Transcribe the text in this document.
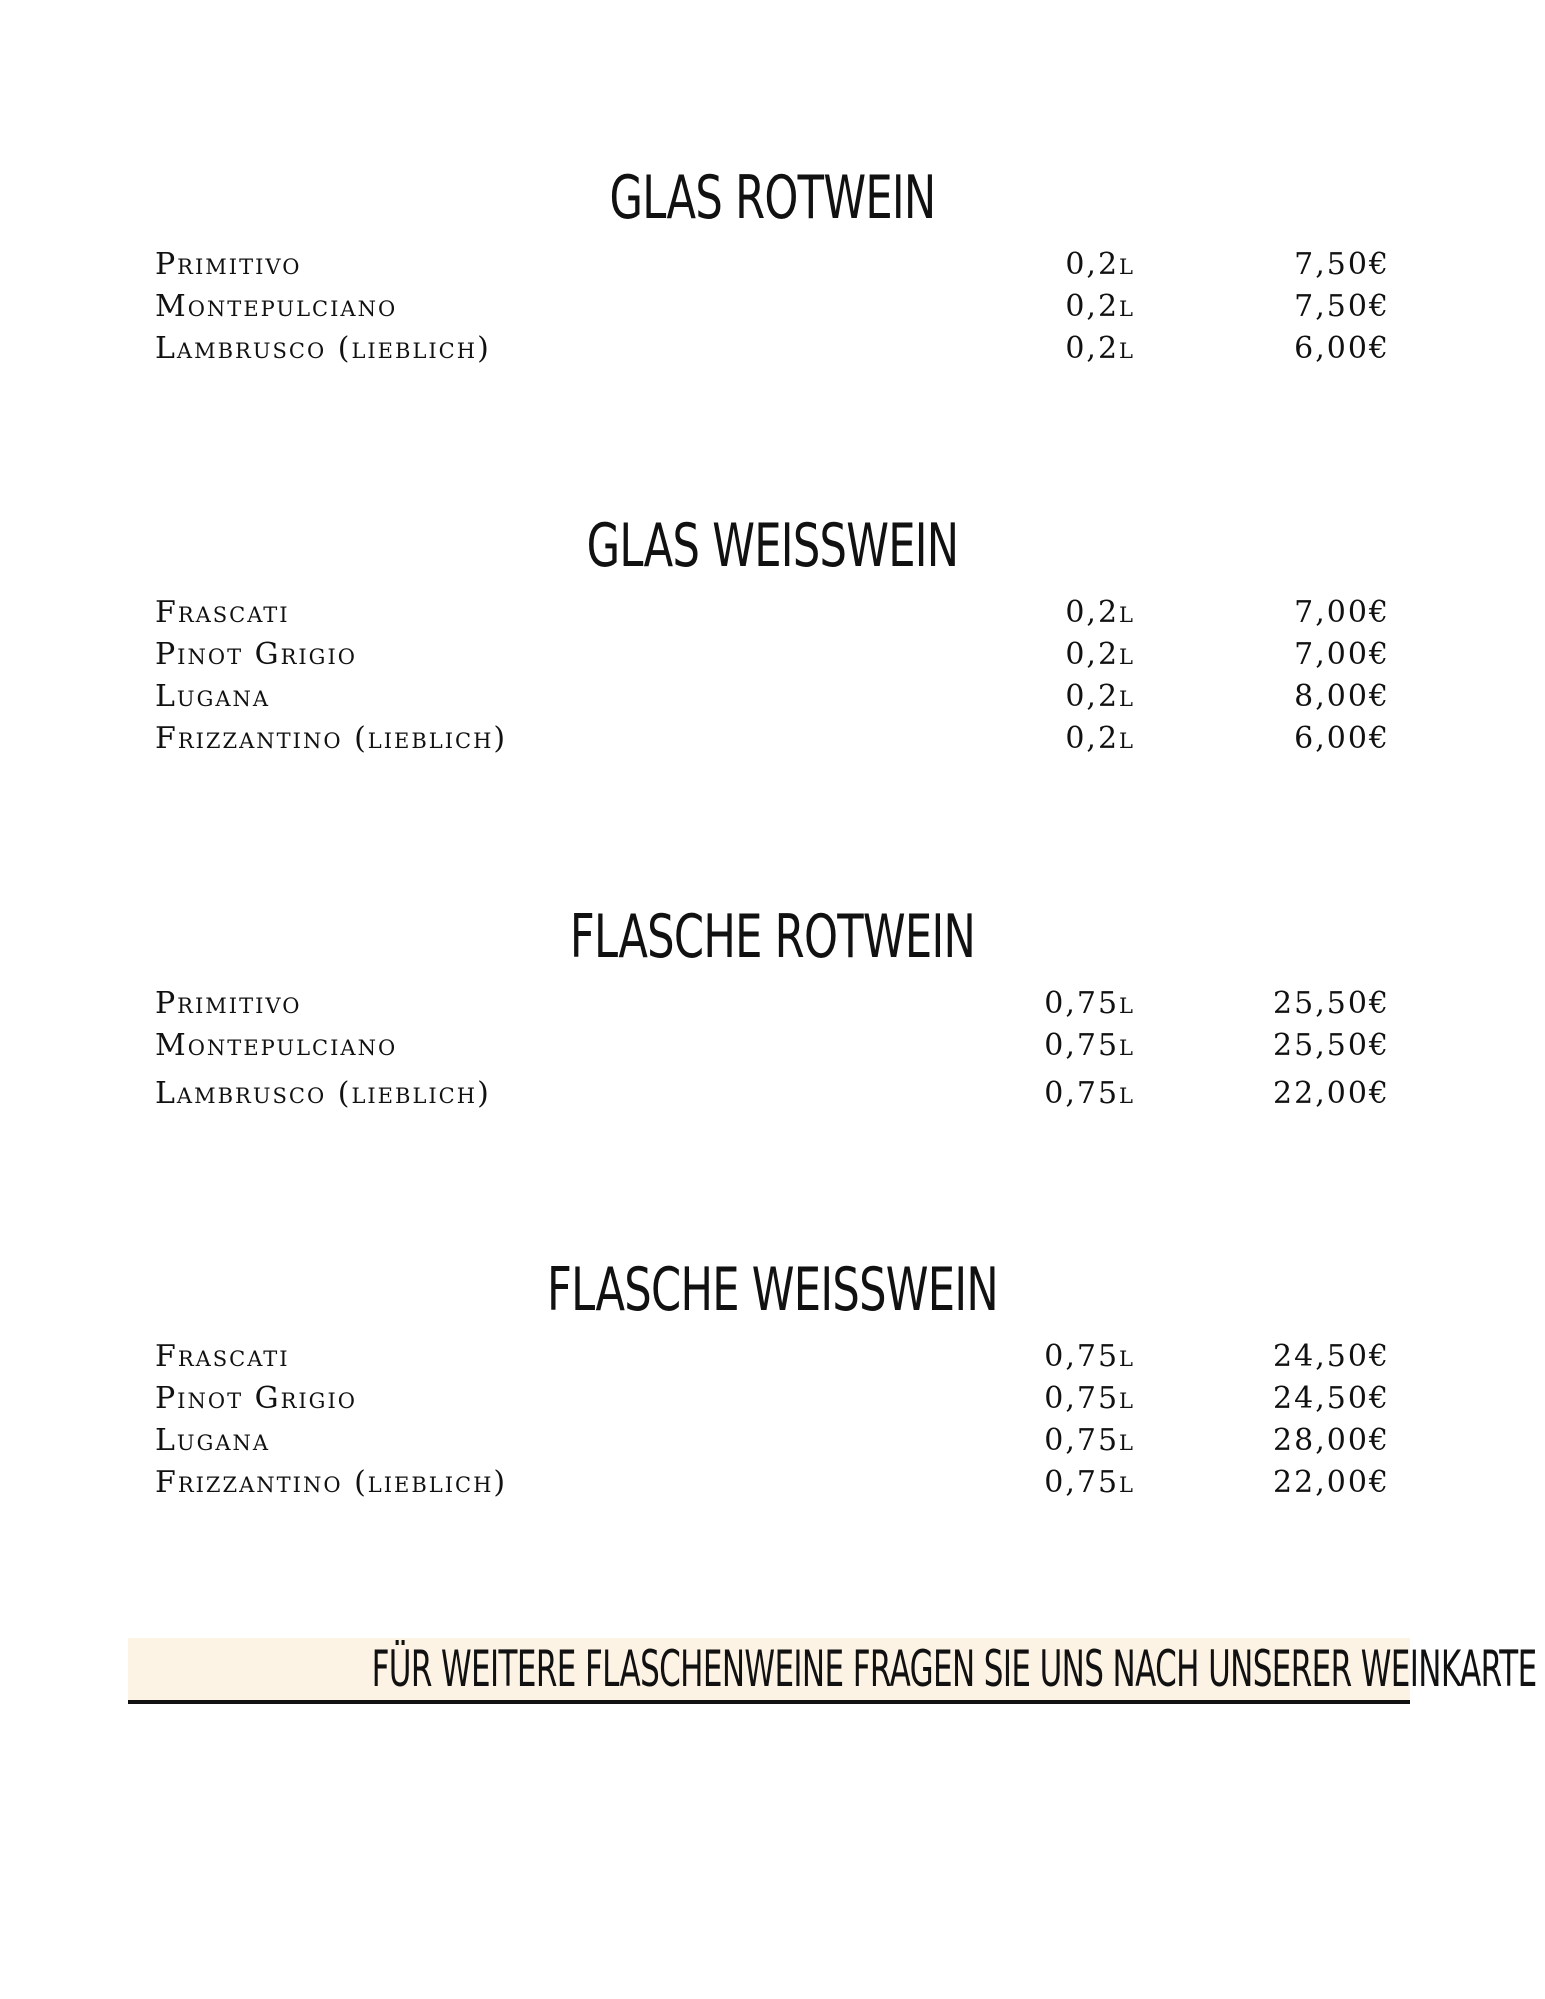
GLAS ROTWEIN
Primitivo	0,2l	7,50€
Montepulciano	0,2l	7,50€
Lambrusco (lieblich)	0,2l	6,00€
GLAS WEISSWEIN
Frascati	0,2l	7,00€
Pinot Grigio	0,2l	7,00€
Lugana	0,2l	8,00€
Frizzantino (lieblich)	0,2l	6,00€
FLASCHE ROTWEIN
Primitivo	0,75l	25,50€
Montepulciano	0,75l	25,50€
Lambrusco (lieblich)	0,75l	22,00€
FLASCHE WEISSWEIN
Frascati	0,75l	24,50€
Pinot Grigio	0,75l	24,50€
Lugana	0,75l	28,00€
Frizzantino (lieblich)	0,75l	22,00€
FÜR WEITERE FLASCHENWEINE FRAGEN SIE UNS NACH UNSERER WEINKARTE
